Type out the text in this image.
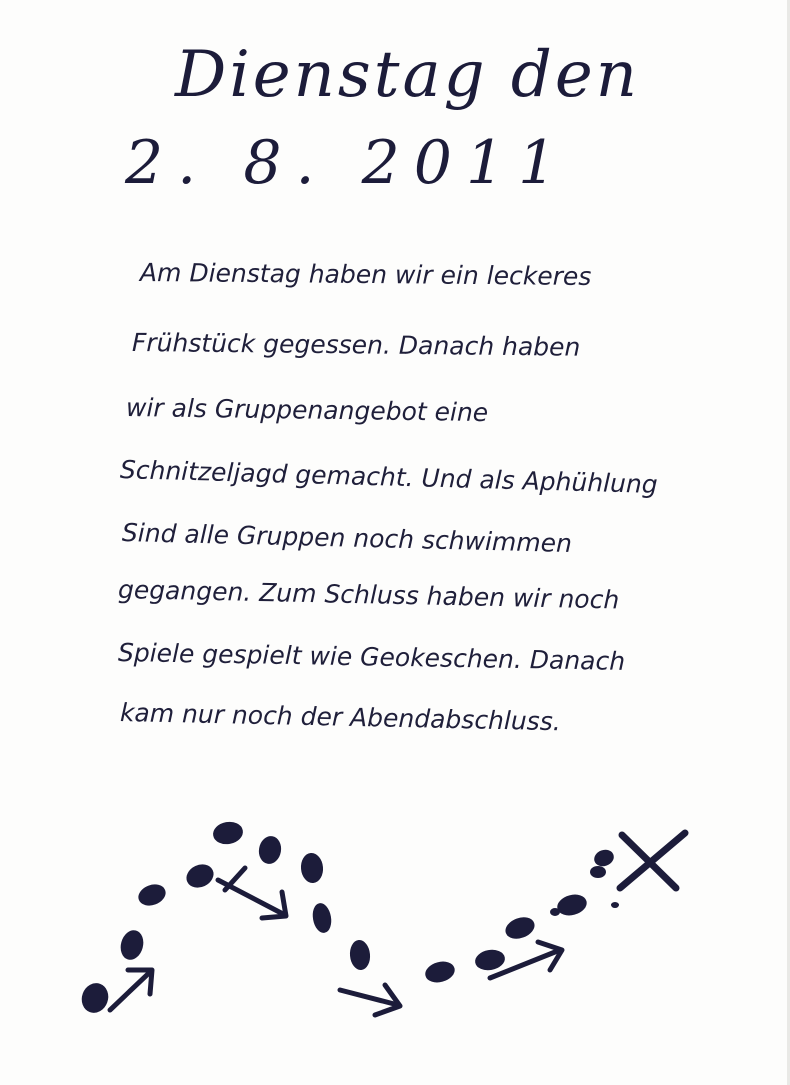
Dienstag den
2. 8. 2011
Am Dienstag haben wir ein leckeres
Frühstück gegessen. Danach haben
wir als Gruppenangebot eine
Schnitzeljagd gemacht. Und als Aphühlung
Sind alle Gruppen noch schwimmen
gegangen. Zum Schluss haben wir noch
Spiele gespielt wie Geokeschen. Danach
kam nur noch der Abendabschluss.
